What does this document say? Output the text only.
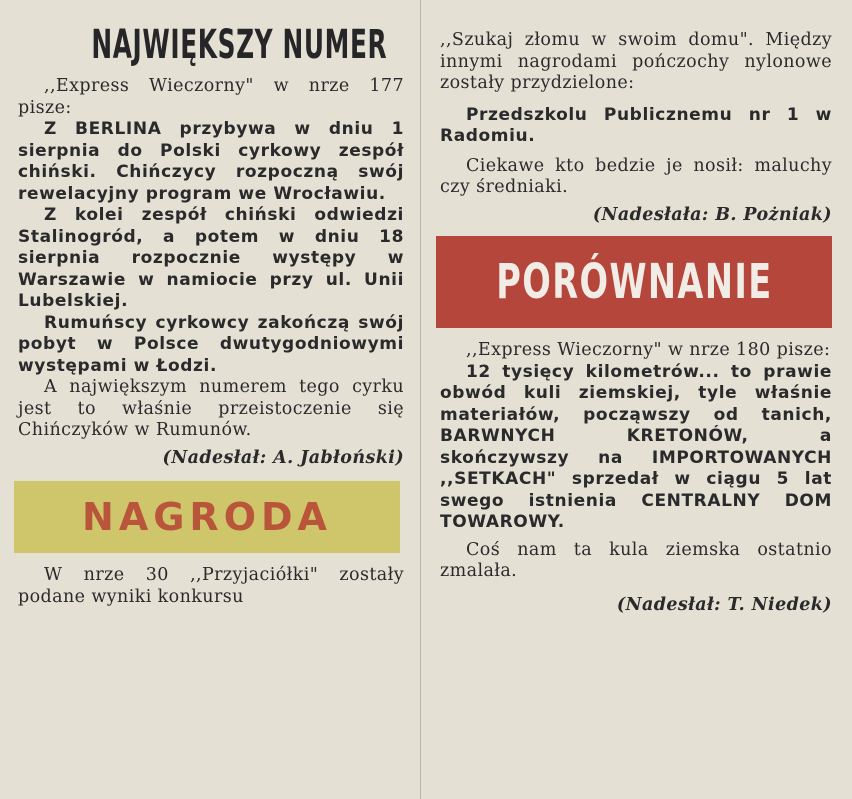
NAJWIĘKSZY NUMER

,,Express Wieczorny" w nrze 177 pisze:

Z BERLINA przybywa w dniu 1 sierpnia do Polski cyrkowy zespół chiński. Chińczycy rozpoczną swój rewelacyjny program we Wrocławiu.

Z kolei zespół chiński odwiedzi Stalinogród, a potem w dniu 18 sierpnia rozpocznie występy w Warszawie w namiocie przy ul. Unii Lubelskiej.

Rumuńscy cyrkowcy zakończą swój pobyt w Polsce dwutygodniowymi występami w Łodzi.

A największym numerem tego cyrku jest to właśnie przeistoczenie się Chińczyków w Rumunów.

(Nadesłał: A. Jabłoński)

NAGRODA

W nrze 30 ,,Przyjaciółki" zostały podane wyniki konkursu

,,Szukaj złomu w swoim domu". Między innymi nagrodami pończochy nylonowe zostały przydzielone:

Przedszkolu Publicznemu nr 1 w Radomiu.

Ciekawe kto bedzie je nosił: maluchy czy średniaki.

(Nadesłała: B. Pożniak)

PORÓWNANIE

,,Express Wieczorny" w nrze 180 pisze:

12 tysięcy kilometrów... to prawie obwód kuli ziemskiej, tyle właśnie materiałów, począwszy od tanich, BARWNYCH KRETONÓW, a skończywszy na IMPORTOWANYCH ,,SETKACH" sprzedał w ciągu 5 lat swego istnienia CENTRALNY DOM TOWAROWY.

Coś nam ta kula ziemska ostatnio zmalała.

(Nadesłał: T. Niedek)
